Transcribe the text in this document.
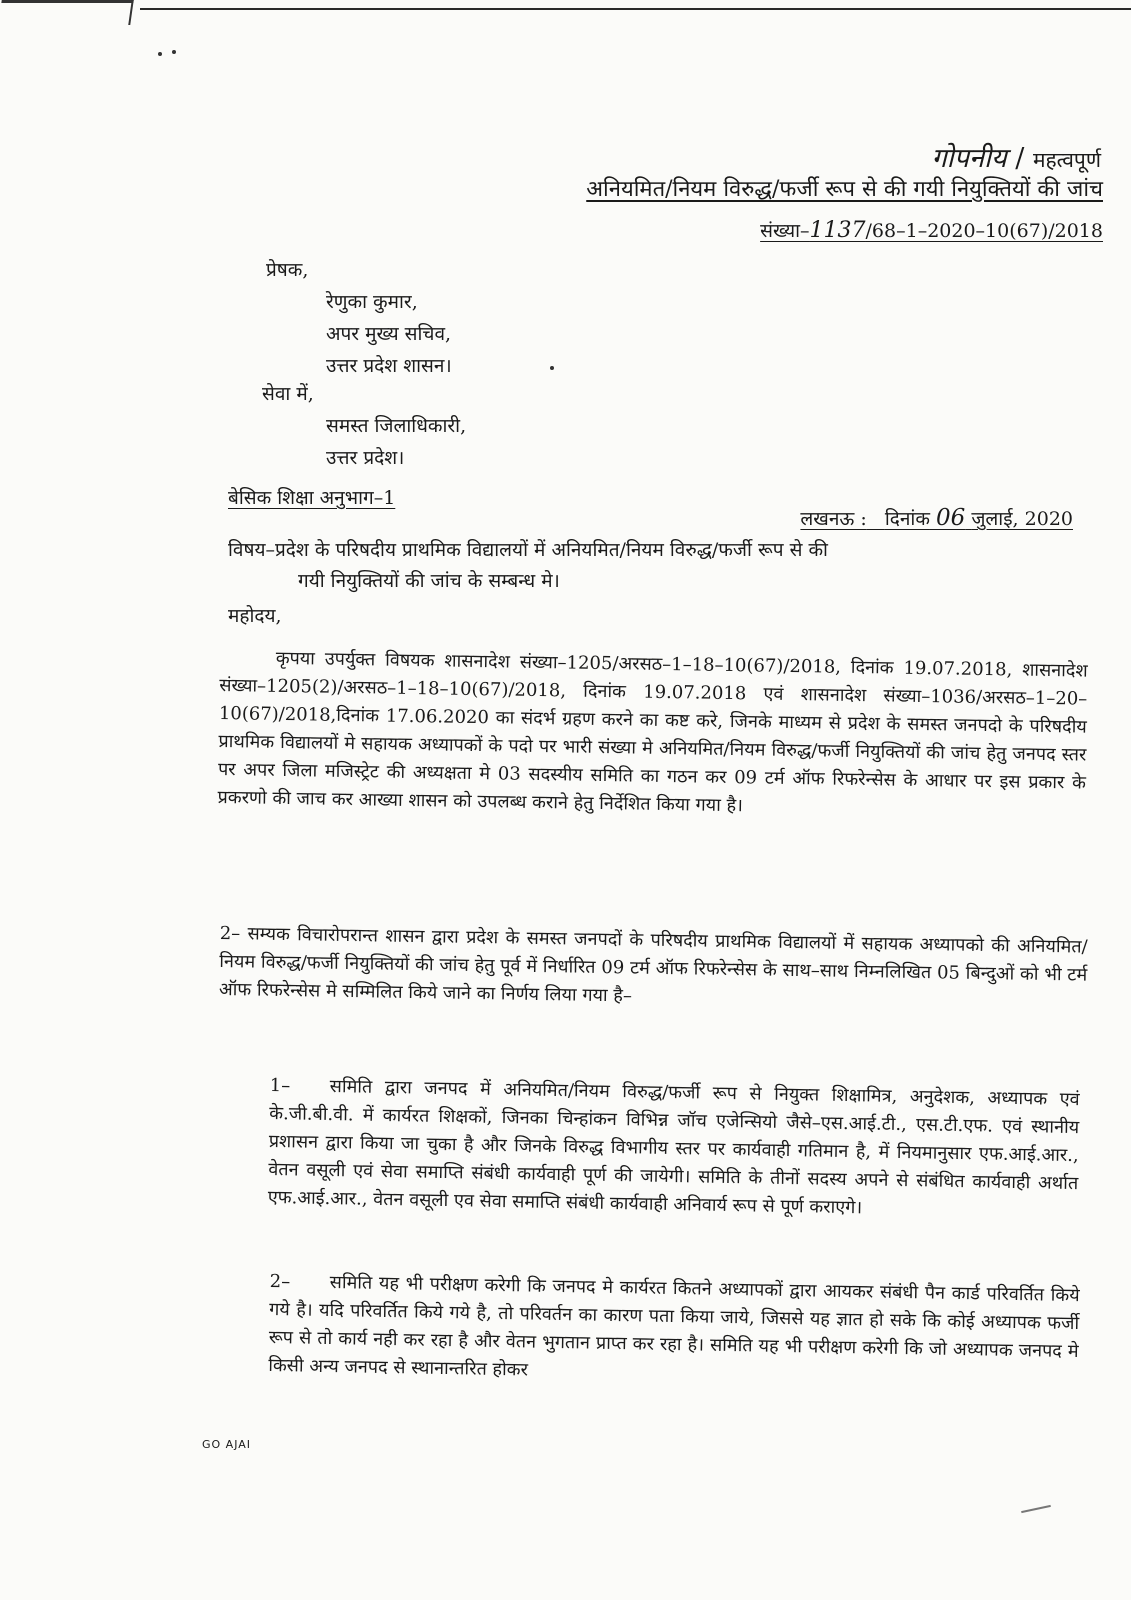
गोपनीय / महत्वपूर्ण
अनियमित/नियम विरुद्ध/फर्जी रूप से की गयी नियुक्तियों की जांच
संख्या–1137/68–1–2020–10(67)/2018
प्रेषक,
रेणुका कुमार,
अपर मुख्य सचिव,
उत्तर प्रदेश शासन।
सेवा में,
समस्त जिलाधिकारी,
उत्तर प्रदेश।
बेसिक शिक्षा अनुभाग–1
लखनऊ : दिनांक 06 जुलाई, 2020
विषय–प्रदेश के परिषदीय प्राथमिक विद्यालयों में अनियमित/नियम विरुद्ध/फर्जी रूप से की
गयी नियुक्तियों की जांच के सम्बन्ध मे।
महोदय,
कृपया उपर्युक्त विषयक शासनादेश संख्या–1205/अरसठ–1–18–10(67)/2018, दिनांक 19.07.2018, शासनादेश संख्या–1205(2)/अरसठ–1–18–10(67)/2018, दिनांक 19.07.2018 एवं शासनादेश संख्या–1036/अरसठ–1–20–10(67)/2018,दिनांक 17.06.2020 का संदर्भ ग्रहण करने का कष्ट करे, जिनके माध्यम से प्रदेश के समस्त जनपदो के परिषदीय प्राथमिक विद्यालयों मे सहायक अध्यापकों के पदो पर भारी संख्या मे अनियमित/नियम विरुद्ध/फर्जी नियुक्तियों की जांच हेतु जनपद स्तर पर अपर जिला मजिस्ट्रेट की अध्यक्षता मे 03 सदस्यीय समिति का गठन कर 09 टर्म ऑफ रिफरेन्सेस के आधार पर इस प्रकार के प्रकरणो की जाच कर आख्या शासन को उपलब्ध कराने हेतु निर्देशित किया गया है।
2– सम्यक विचारोपरान्त शासन द्वारा प्रदेश के समस्त जनपदों के परिषदीय प्राथमिक विद्यालयों में सहायक अध्यापको की अनियमित/नियम विरुद्ध/फर्जी नियुक्तियों की जांच हेतु पूर्व में निर्धारित 09 टर्म ऑफ रिफरेन्सेस के साथ–साथ निम्नलिखित 05 बिन्दुओं को भी टर्म ऑफ रिफरेन्सेस मे सम्मिलित किये जाने का निर्णय लिया गया है–
1– समिति द्वारा जनपद में अनियमित/नियम विरुद्ध/फर्जी रूप से नियुक्त शिक्षामित्र, अनुदेशक, अध्यापक एवं के.जी.बी.वी. में कार्यरत शिक्षकों, जिनका चिन्हांकन विभिन्न जॉच एजेन्सियो जैसे–एस.आई.टी., एस.टी.एफ. एवं स्थानीय प्रशासन द्वारा किया जा चुका है और जिनके विरुद्ध विभागीय स्तर पर कार्यवाही गतिमान है, में नियमानुसार एफ.आई.आर., वेतन वसूली एवं सेवा समाप्ति संबंधी कार्यवाही पूर्ण की जायेगी। समिति के तीनों सदस्य अपने से संबंधित कार्यवाही अर्थात एफ.आई.आर., वेतन वसूली एव सेवा समाप्ति संबंधी कार्यवाही अनिवार्य रूप से पूर्ण कराएगे।
2– समिति यह भी परीक्षण करेगी कि जनपद मे कार्यरत कितने अध्यापकों द्वारा आयकर संबंधी पैन कार्ड परिवर्तित किये गये है। यदि परिवर्तित किये गये है, तो परिवर्तन का कारण पता किया जाये, जिससे यह ज्ञात हो सके कि कोई अध्यापक फर्जी रूप से तो कार्य नही कर रहा है और वेतन भुगतान प्राप्त कर रहा है। समिति यह भी परीक्षण करेगी कि जो अध्यापक जनपद मे किसी अन्य जनपद से स्थानान्तरित होकर
GO AJAI
